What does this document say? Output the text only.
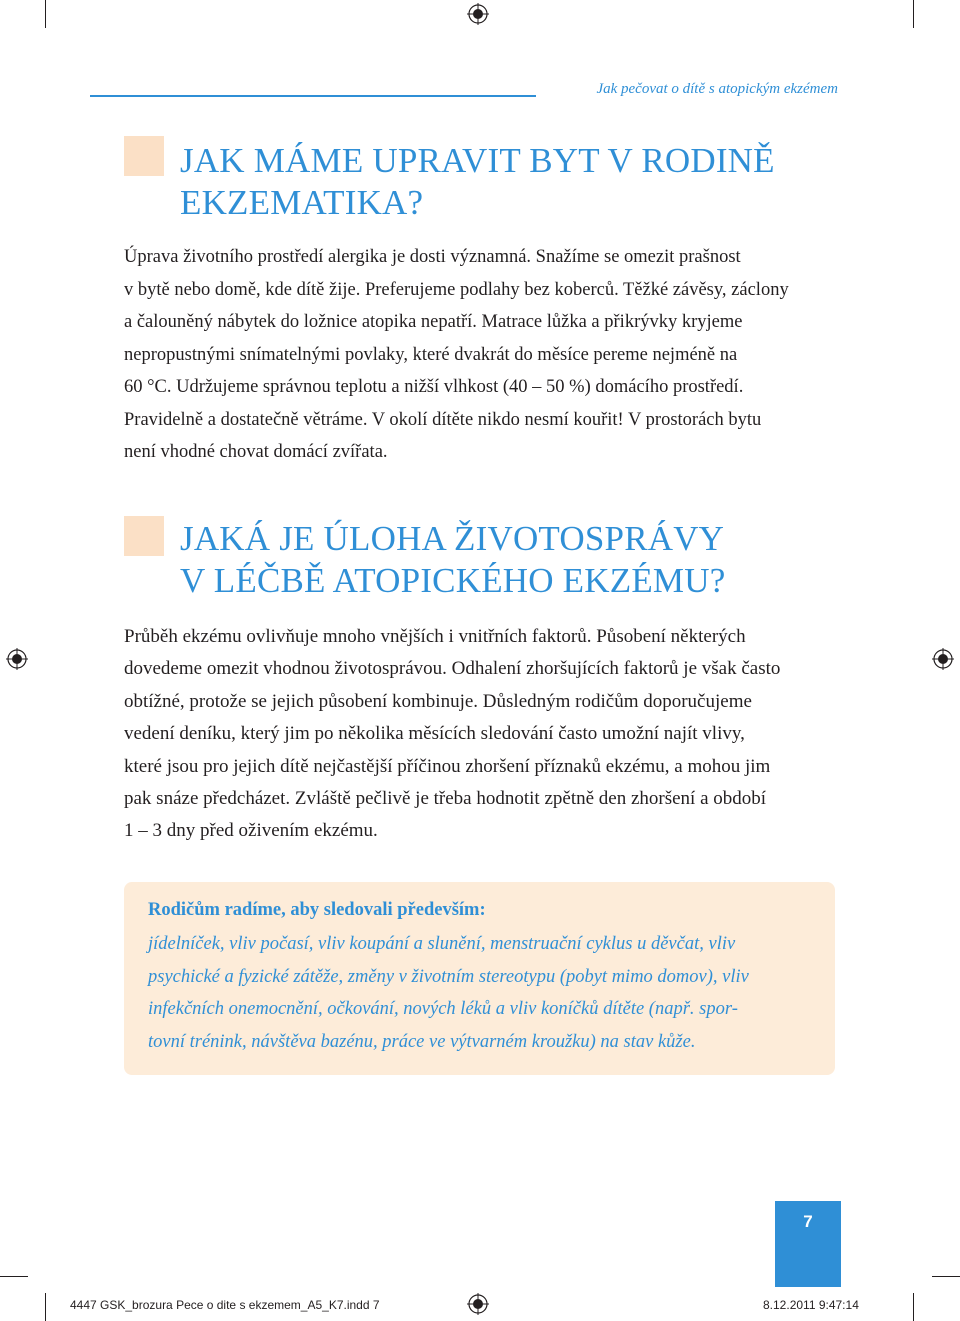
Jak pečovat o dítě s atopickým ekzémem
JAK MÁME UPRAVIT BYT V RODINĚ
EKZEMATIKA?

Úprava životního prostředí alergika je dosti významná. Snažíme se omezit prašnost
v bytě nebo domě, kde dítě žije. Preferujeme podlahy bez koberců. Těžké závěsy, záclony
a čalouněný nábytek do ložnice atopika nepatří. Matrace lůžka a přikrývky kryjeme
nepropustnými snímatelnými povlaky, které dvakrát do měsíce pereme nejméně na
60 °C. Udržujeme správnou teplotu a nižší vlhkost (40 – 50 %) domácího prostředí.
Pravidelně a dostatečně větráme. V okolí dítěte nikdo nesmí kouřit! V prostorách bytu
není vhodné chovat domácí zvířata.

JAKÁ JE ÚLOHA ŽIVOTOSPRÁVY
V LÉČBĚ ATOPICKÉHO EKZÉMU?

Průběh ekzému ovlivňuje mnoho vnějších i vnitřních faktorů. Působení některých
dovedeme omezit vhodnou životosprávou. Odhalení zhoršujících faktorů je však často
obtížné, protože se jejich působení kombinuje. Důsledným rodičům doporučujeme
vedení deníku, který jim po několika měsících sledování často umožní najít vlivy,
které jsou pro jejich dítě nejčastější příčinou zhoršení příznaků ekzému, a mohou jim
pak snáze předcházet. Zvláště pečlivě je třeba hodnotit zpětně den zhoršení a období
1 – 3 dny před oživením ekzému.

Rodičům radíme, aby sledovali především:

jídelníček, vliv počasí, vliv koupání a slunění, menstruační cyklus u děvčat, vliv
psychické a fyzické zátěže, změny v životním stereotypu (pobyt mimo domov), vliv
infekčních onemocnění, očkování, nových léků a vliv koníčků dítěte (např. spor-
tovní trénink, návštěva bazénu, práce ve výtvarném kroužku) na stav kůže.

7
4447 GSK_brozura Pece o dite s ekzemem_A5_K7.indd 7	8.12.2011 9:47:14
